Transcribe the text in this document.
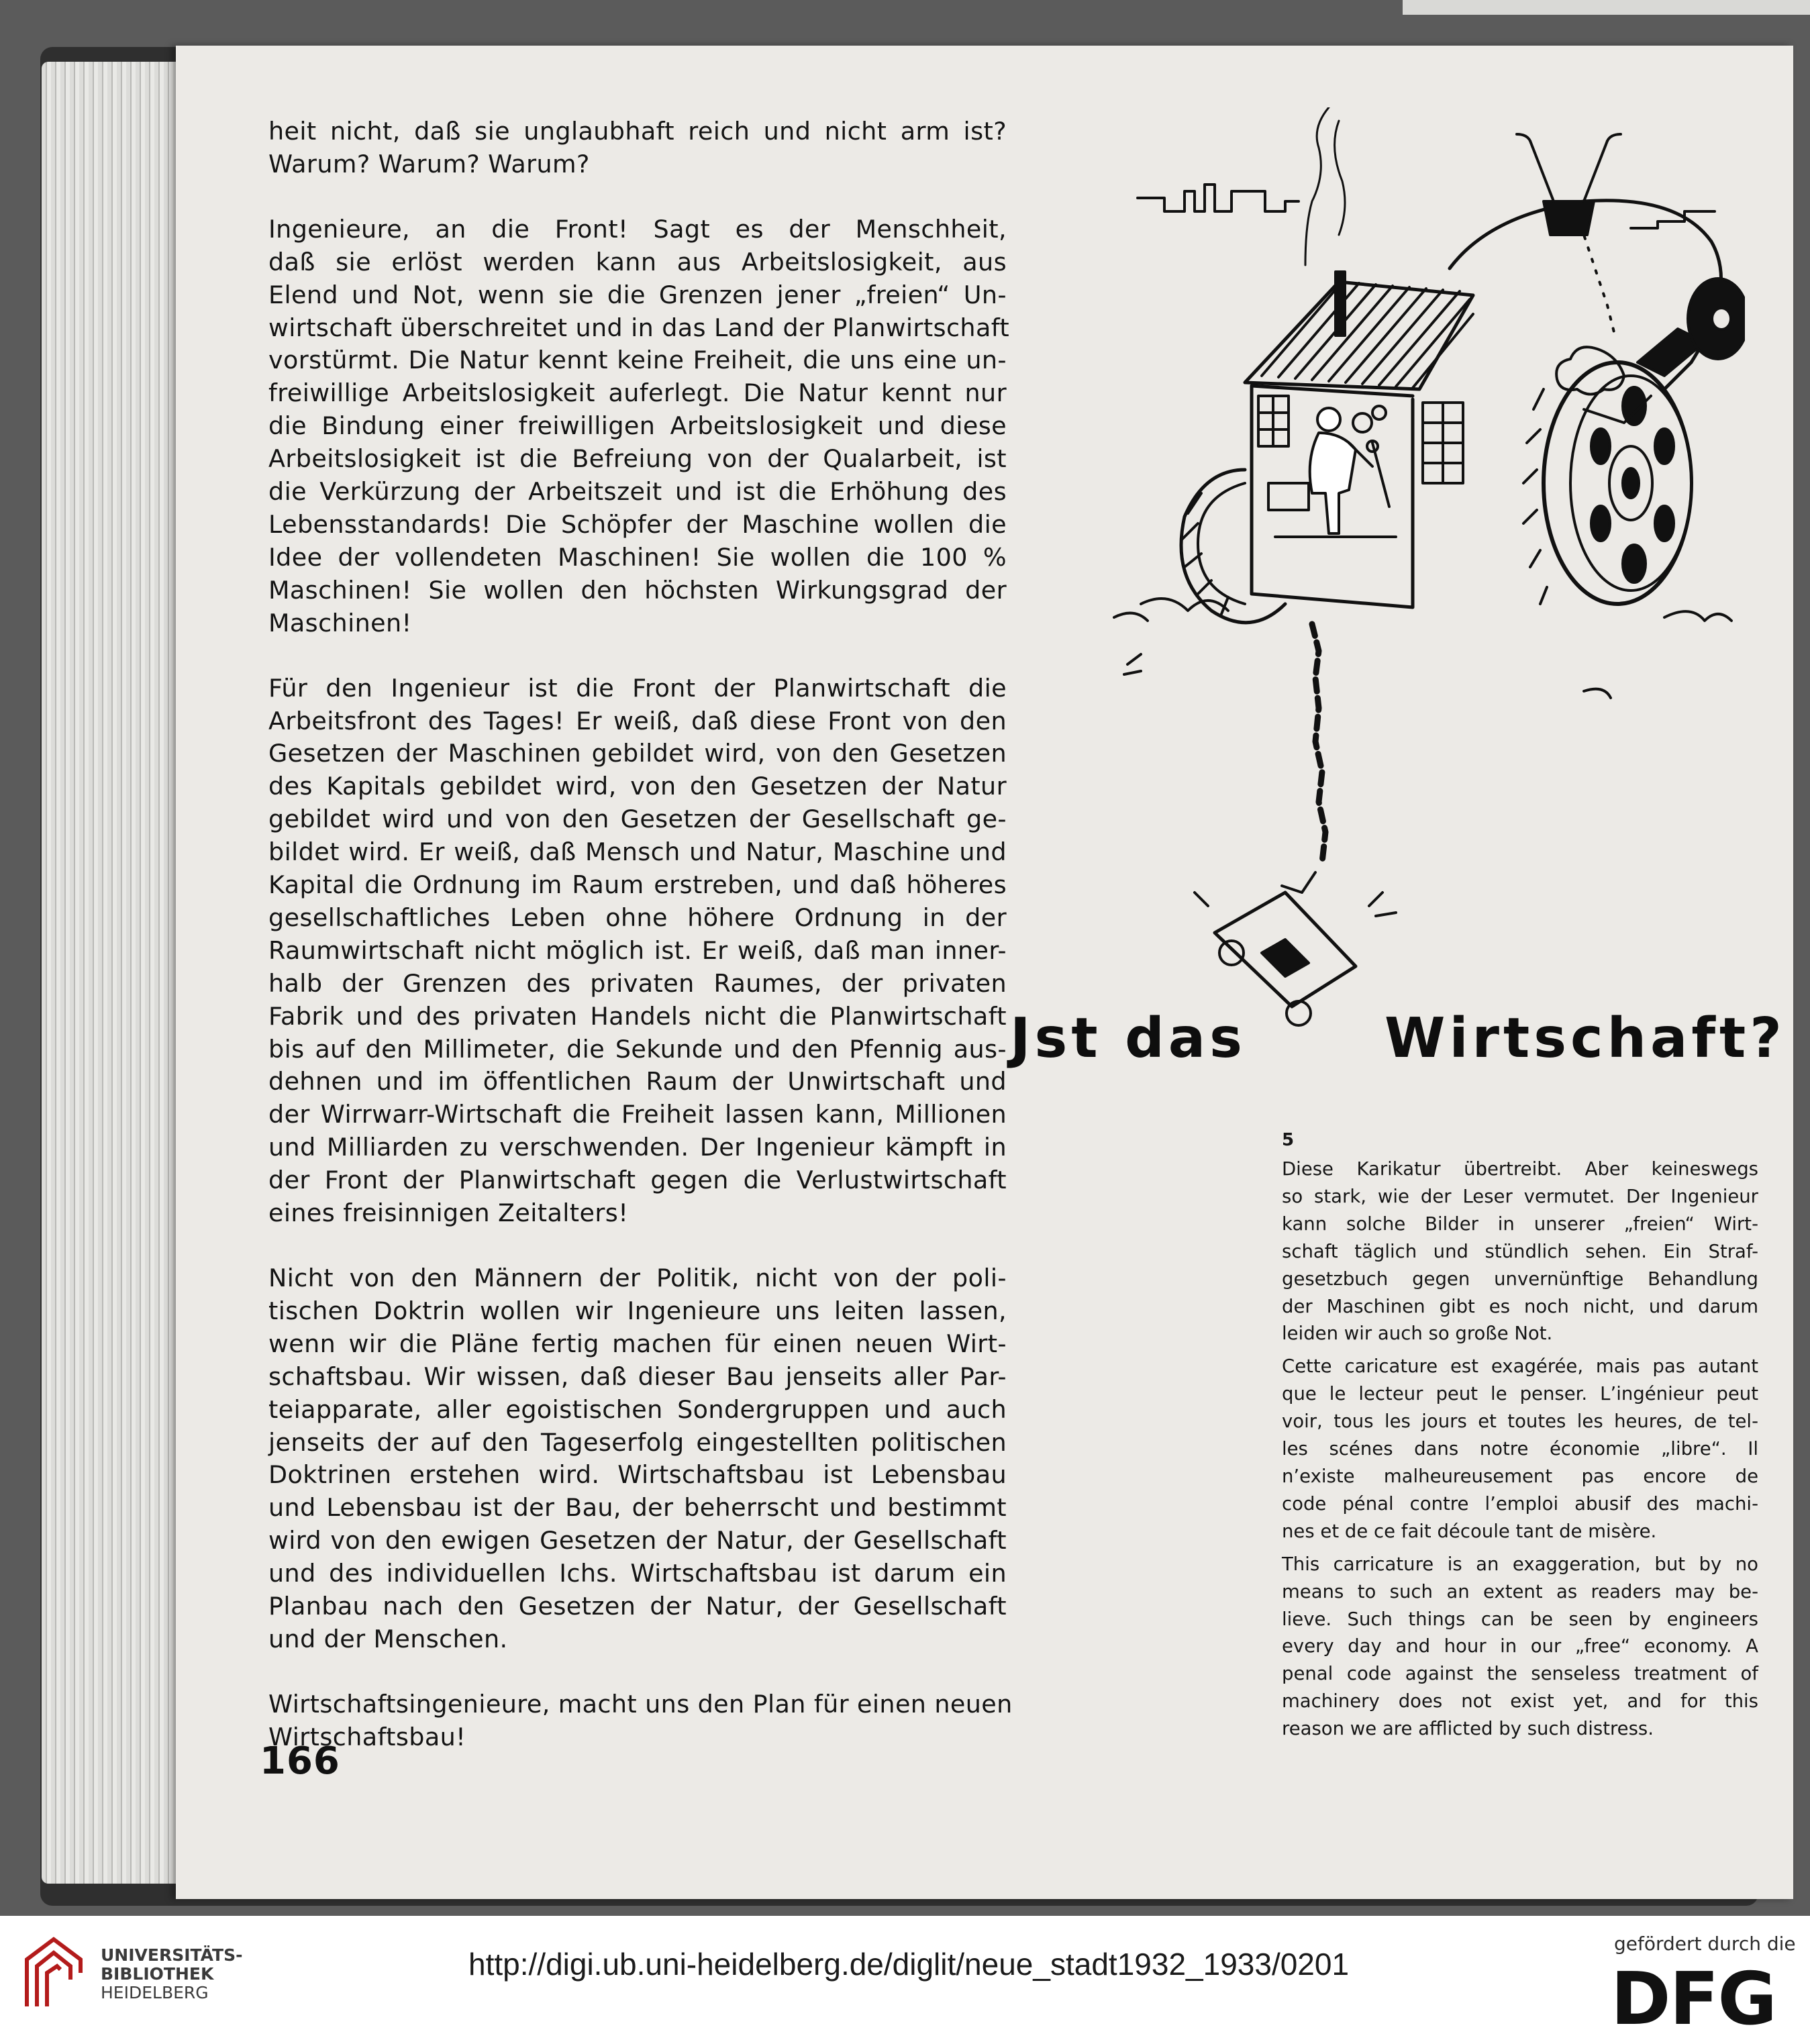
heit nicht, daß sie unglaubhaft reich und nicht arm ist?

Warum? Warum? Warum?

Ingenieure, an die Front! Sagt es der Menschheit,

daß sie erlöst werden kann aus Arbeitslosigkeit, aus

Elend und Not, wenn sie die Grenzen jener „freien“ Un-

wirtschaft überschreitet und in das Land der Planwirtschaft

vorstürmt. Die Natur kennt keine Freiheit, die uns eine un-

freiwillige Arbeitslosigkeit auferlegt. Die Natur kennt nur

die Bindung einer freiwilligen Arbeitslosigkeit und diese

Arbeitslosigkeit ist die Befreiung von der Qualarbeit, ist

die Verkürzung der Arbeitszeit und ist die Erhöhung des

Lebensstandards! Die Schöpfer der Maschine wollen die

Idee der vollendeten Maschinen! Sie wollen die 100 %

Maschinen! Sie wollen den höchsten Wirkungsgrad der

Maschinen!

Für den Ingenieur ist die Front der Planwirtschaft die

Arbeitsfront des Tages! Er weiß, daß diese Front von den

Gesetzen der Maschinen gebildet wird, von den Gesetzen

des Kapitals gebildet wird, von den Gesetzen der Natur

gebildet wird und von den Gesetzen der Gesellschaft ge-

bildet wird. Er weiß, daß Mensch und Natur, Maschine und

Kapital die Ordnung im Raum erstreben, und daß höheres

gesellschaftliches Leben ohne höhere Ordnung in der

Raumwirtschaft nicht möglich ist. Er weiß, daß man inner-

halb der Grenzen des privaten Raumes, der privaten

Fabrik und des privaten Handels nicht die Planwirtschaft

bis auf den Millimeter, die Sekunde und den Pfennig aus-

dehnen und im öffentlichen Raum der Unwirtschaft und

der Wirrwarr-Wirtschaft die Freiheit lassen kann, Millionen

und Milliarden zu verschwenden. Der Ingenieur kämpft in

der Front der Planwirtschaft gegen die Verlustwirtschaft

eines freisinnigen Zeitalters!

Nicht von den Männern der Politik, nicht von der poli-

tischen Doktrin wollen wir Ingenieure uns leiten lassen,

wenn wir die Pläne fertig machen für einen neuen Wirt-

schaftsbau. Wir wissen, daß dieser Bau jenseits aller Par-

teiapparate, aller egoistischen Sondergruppen und auch

jenseits der auf den Tageserfolg eingestellten politischen

Doktrinen erstehen wird. Wirtschaftsbau ist Lebensbau

und Lebensbau ist der Bau, der beherrscht und bestimmt

wird von den ewigen Gesetzen der Natur, der Gesellschaft

und des individuellen Ichs. Wirtschaftsbau ist darum ein

Planbau nach den Gesetzen der Natur, der Gesellschaft

und der Menschen.

Wirtschaftsingenieure, macht uns den Plan für einen neuen

Wirtschaftsbau!

166
Jst das	Wirtschaft?
5
Diese Karikatur übertreibt. Aber keineswegs
so stark, wie der Leser vermutet. Der Ingenieur
kann solche Bilder in unserer „freien“ Wirt-
schaft täglich und stündlich sehen. Ein Straf-
gesetzbuch gegen unvernünftige Behandlung
der Maschinen gibt es noch nicht, und darum
leiden wir auch so große Not.
Cette caricature est exagérée, mais pas autant
que le lecteur peut le penser. L’ingénieur peut
voir, tous les jours et toutes les heures, de tel-
les scénes dans notre économie „libre“. Il
n’existe malheureusement pas encore de
code pénal contre l’emploi abusif des machi-
nes et de ce fait découle tant de misère.
This carricature is an exaggeration, but by no
means to such an extent as readers may be-
lieve. Such things can be seen by engineers
every day and hour in our „free“ economy. A
penal code against the senseless treatment of
machinery does not exist yet, and for this
reason we are afflicted by such distress.
UNIVERSITÄTS-
BIBLIOTHEK
HEIDELBERG
http://digi.ub.uni-heidelberg.de/diglit/neue_stadt1932_1933/0201
gefördert durch die
DFG
